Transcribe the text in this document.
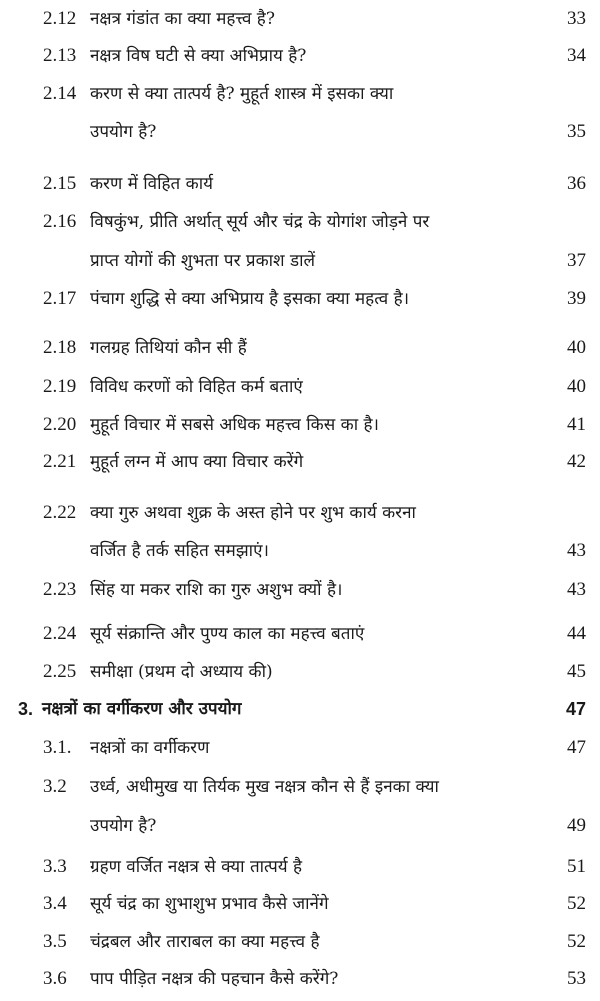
2.12 नक्षत्र गंडांत का क्या महत्त्व है?	33
2.13 नक्षत्र विष घटी से क्या अभिप्राय है?	34
2.14 करण से क्या तात्पर्य है? मुहूर्त शास्त्र में इसका क्या
उपयोग है?	35
2.15 करण में विहित कार्य	36
2.16 विषकुंभ, प्रीति अर्थात् सूर्य और चंद्र के योगांश जोड़ने पर
प्राप्त योगों की शुभता पर प्रकाश डालें	37
2.17 पंचाग शुद्धि से क्या अभिप्राय है इसका क्या महत्व है।	39
2.18 गलग्रह तिथियां कौन सी हैं	40
2.19 विविध करणों को विहित कर्म बताएं	40
2.20 मुहूर्त विचार में सबसे अधिक महत्त्व किस का है।	41
2.21 मुहूर्त लग्न में आप क्या विचार करेंगे	42
2.22 क्या गुरु अथवा शुक्र के अस्त होने पर शुभ कार्य करना
वर्जित है तर्क सहित समझाएं।	43
2.23 सिंह या मकर राशि का गुरु अशुभ क्यों है।	43
2.24 सूर्य संक्रान्ति और पुण्य काल का महत्त्व बताएं	44
2.25 समीक्षा (प्रथम दो अध्याय की)	45
3. नक्षत्रों का वर्गीकरण और उपयोग	47
3.1. नक्षत्रों का वर्गीकरण	47
3.2 उर्ध्व, अधीमुख या तिर्यक मुख नक्षत्र कौन से हैं इनका क्या
उपयोग है?	49
3.3 ग्रहण वर्जित नक्षत्र से क्या तात्पर्य है	51
3.4 सूर्य चंद्र का शुभाशुभ प्रभाव कैसे जानेंगे	52
3.5 चंद्रबल और ताराबल का क्या महत्त्व है	52
3.6 पाप पीड़ित नक्षत्र की पहचान कैसे करेंगे?	53
